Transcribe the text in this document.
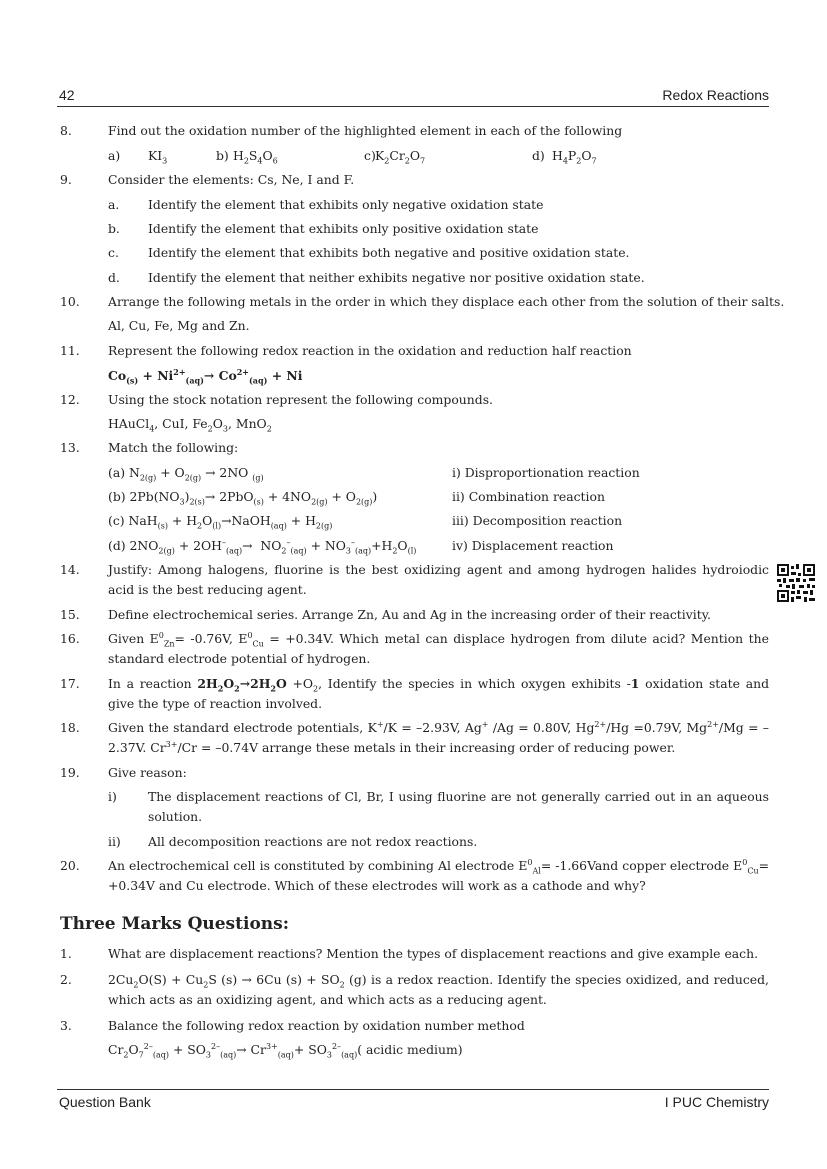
42	Redox Reactions
8.	Find out the oxidation number of the highlighted element in each of the following
a) $KI_3$	b) $H_2S_4O_6$	c) $K_2Cr_2O_7$	d) $H_4P_2O_7$
9.	Consider the elements: Cs, Ne, I and F.
a. Identify the element that exhibits only negative oxidation state
b. Identify the element that exhibits only positive oxidation state
c. Identify the element that exhibits both negative and positive oxidation state.
d. Identify the element that neither exhibits negative nor positive oxidation state.
10. Arrange the following metals in the order in which they displace each other from the solution of their salts.
Al, Cu, Fe, Mg and Zn.
11. Represent the following redox reaction in the oxidation and reduction half reaction
$Co_{(s)} + Ni^{2+}_{(aq)}\to Co^{2+}_{(aq)} + Ni$
12. Using the stock notation represent the following compounds.
HAuCl$_4$, CuI, $Fe_2O_3$, MnO$_2$
13. Match the following:
(a) $N_{2(g)} + O_{2(g)} \to 2NO$ $_{(g)}$	i) Disproportionation reaction
(b) $2Pb(NO_3)_{2(s)}\to 2PbO_{(s)} + 4NO_{2(g)} + O_{2(g)}$)	ii) Combination reaction
(c) $NaH_{(s)} + H_2O_{(l)}\to NaOH_{(aq)} + H_{2(g)}$	iii) Decomposition reaction
(d) $2NO_{2(g)} + 2OH^-_{(aq)}\to NO_2^-_{(aq)} + NO_3^-_{(aq)}+H_2O_{(l)}$	iv) Displacement reaction
14. Justify: Among halogens, fluorine is the best oxidizing agent and among hydrogen halides hydroiodic acid is the best reducing agent.
15. Define electrochemical series. Arrange Zn, Au and Ag in the increasing order of their reactivity.
16. Given $E^0_{Zn}= -0.76V$, $E^0_{Cu} = +0.34V$. Which metal can displace hydrogen from dilute acid? Mention the standard electrode potential of hydrogen.
17. In a reaction $2H_2O_2\to 2H_2O +O_2$, Identify the species in which oxygen exhibits -1 oxidation state and give the type of reaction involved.
18. Given the standard electrode potentials, K+/K = –2.93V, Ag+ /Ag = 0.80V, $Hg^{2+}/Hg =0.79V$, $Mg^{2+}/Mg = -2.37V$. $Cr^{3+}/Cr = -0.74V$ arrange these metals in their increasing order of reducing power.
19. Give reason:
i)	The displacement reactions of Cl, Br, I using fluorine are not generally carried out in an aqueous solution.
ii) All decomposition reactions are not redox reactions.
20. An electrochemical cell is constituted by combining Al electrode $E^0_{Al}=$ -1.66Vand copper electrode $E^0_{Cu}= +0.34V$ and Cu electrode. Which of these electrodes will work as a cathode and why?
Three Marks Questions:
1.	What are displacement reactions? Mention the types of displacement reactions and give example each.
2.	$2Cu_2O(S) + Cu_2S$ (s) → 6Cu $(s) + SO_2$ (g) is a redox reaction. Identify the species oxidized, and reduced, which acts as an oxidizing agent, and which acts as a reducing agent.
3.	Balance the following redox reaction by oxidation number method
$Cr_2O_7^{2-}_{(aq)} + SO_3^{2-}_{(aq)}\to Cr^{3+}_{(aq)}+ SO_3^{2-}_{(aq)}$( acidic medium)
Question Bank	I PUC Chemistry
